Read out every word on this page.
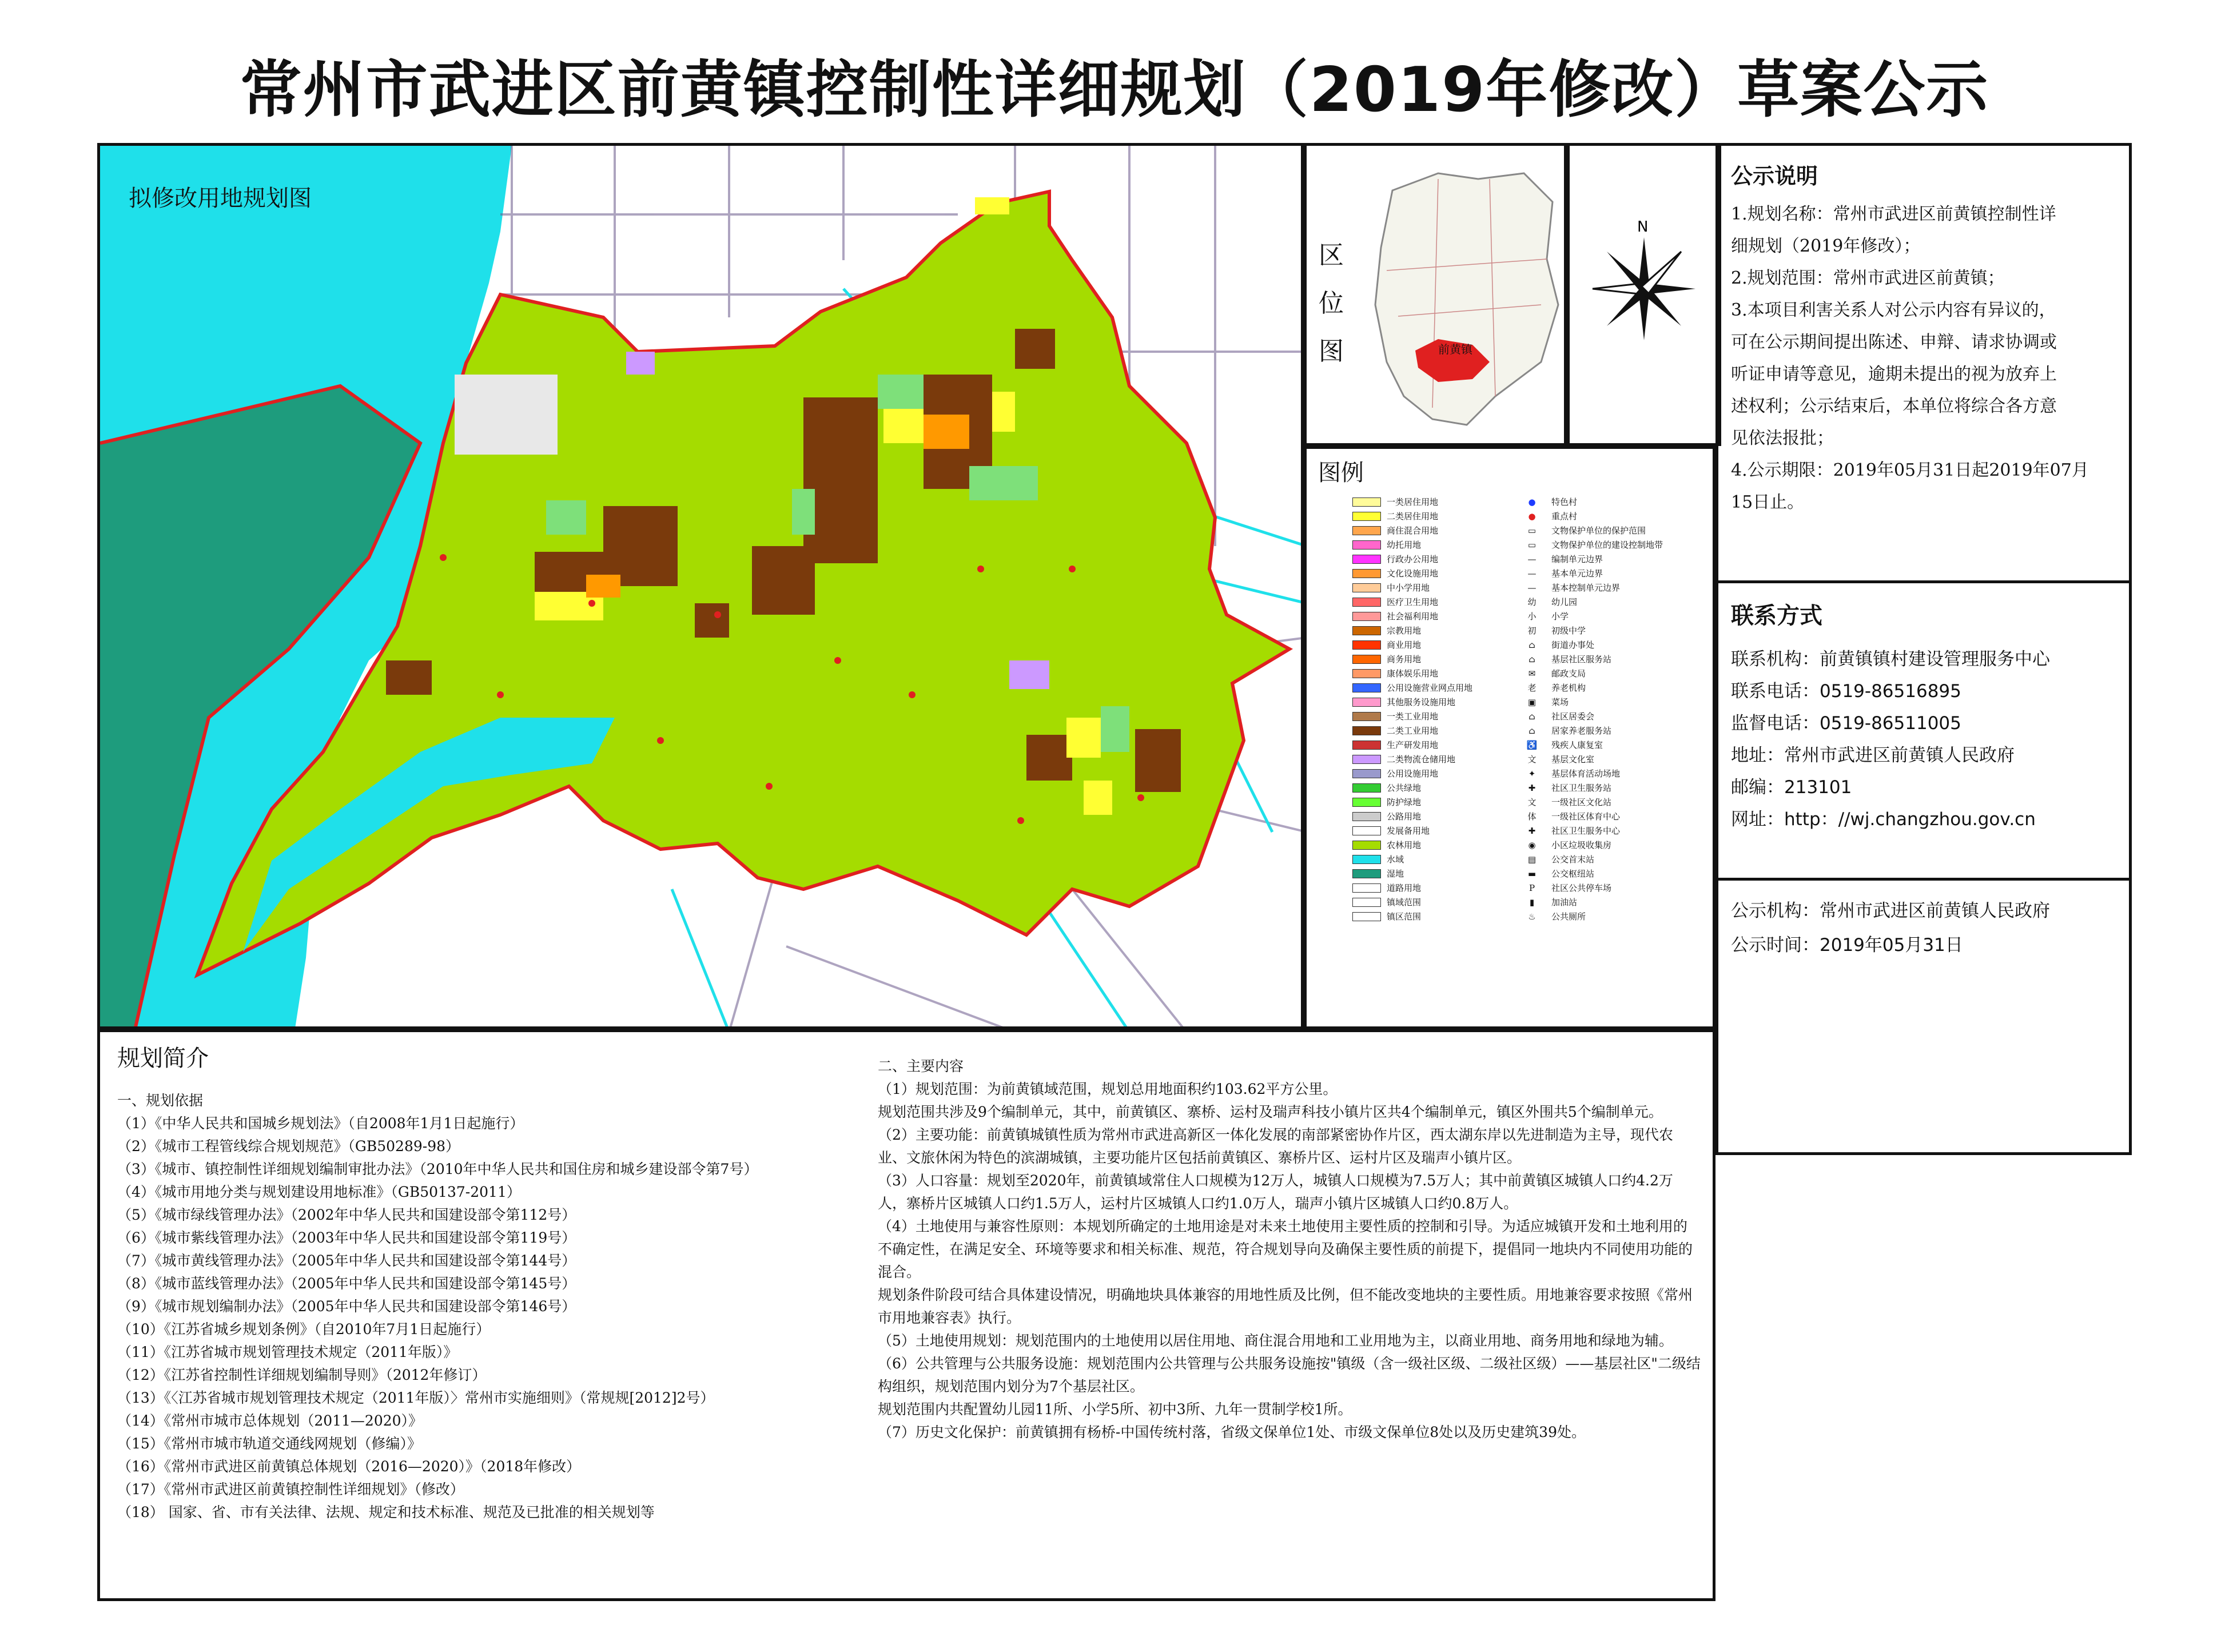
常州市武进区前黄镇控制性详细规划（2019年修改）草案公示
拟修改用地规划图
区位图	前黄镇
N
公示说明
1.规划名称：常州市武进区前黄镇控制性详
细规划（2019年修改）；
2.规划范围：常州市武进区前黄镇；
3.本项目利害关系人对公示内容有异议的，
可在公示期间提出陈述、申辩、请求协调或
听证申请等意见，逾期未提出的视为放弃上
述权利；公示结束后，本单位将综合各方意
见依法报批；
4.公示期限：2019年05月31日起2019年07月
15日止。
联系方式
联系机构：前黄镇镇村建设管理服务中心
联系电话：0519-86516895
监督电话：0519-86511005
地址：常州市武进区前黄镇人民政府
邮编：213101
网址：http：//wj.changzhou.gov.cn
公示机构：常州市武进区前黄镇人民政府
公示时间：2019年05月31日
图例
一类居住用地
二类居住用地
商住混合用地
幼托用地
行政办公用地
文化设施用地
中小学用地
医疗卫生用地
社会福利用地
宗教用地
商业用地
商务用地
康体娱乐用地
公用设施营业网点用地
其他服务设施用地
一类工业用地
二类工业用地
生产研发用地
二类物流仓储用地
公用设施用地
公共绿地
防护绿地
公路用地
发展备用地
农林用地
水域
湿地
道路用地
镇域范围
镇区范围
●	特色村
●	重点村
▭	文物保护单位的保护范围
▭	文物保护单位的建设控制地带
—	编制单元边界
—	基本单元边界
—	基本控制单元边界
幼	幼儿园
小	小学
初	初级中学
⌂	街道办事处
⌂	基层社区服务站
✉	邮政支局
老	养老机构
▣	菜场
⌂	社区居委会
⌂	居家养老服务站
♿	残疾人康复室
文	基层文化室
✦	基层体育活动场地
✚	社区卫生服务站
文	一级社区文化站
体	一级社区体育中心
✚	社区卫生服务中心
◉	小区垃圾收集房
▤	公交首末站
▬	公交枢纽站
P	社区公共停车场
▮	加油站
♨	公共厕所
规划简介
一、规划依据
（1）《中华人民共和国城乡规划法》（自2008年1月1日起施行）
（2）《城市工程管线综合规划规范》（GB50289-98）
（3）《城市、镇控制性详细规划编制审批办法》（2010年中华人民共和国住房和城乡建设部令第7号）
（4）《城市用地分类与规划建设用地标准》（GB50137-2011）
（5）《城市绿线管理办法》（2002年中华人民共和国建设部令第112号）
（6）《城市紫线管理办法》（2003年中华人民共和国建设部令第119号）
（7）《城市黄线管理办法》（2005年中华人民共和国建设部令第144号）
（8）《城市蓝线管理办法》（2005年中华人民共和国建设部令第145号）
（9）《城市规划编制办法》（2005年中华人民共和国建设部令第146号）
（10）《江苏省城乡规划条例》（自2010年7月1日起施行）
（11）《江苏省城市规划管理技术规定（2011年版）》
（12）《江苏省控制性详细规划编制导则》（2012年修订）
（13）《〈江苏省城市规划管理技术规定（2011年版）〉常州市实施细则》（常规规[2012]2号）
（14）《常州市城市总体规划（2011—2020）》
（15）《常州市城市轨道交通线网规划（修编）》
（16）《常州市武进区前黄镇总体规划（2016—2020）》（2018年修改）
（17）《常州市武进区前黄镇控制性详细规划》（修改）
（18） 国家、省、市有关法律、法规、规定和技术标准、规范及已批准的相关规划等
二、主要内容
（1）规划范围：为前黄镇域范围，规划总用地面积约103.62平方公里。
规划范围共涉及9个编制单元，其中，前黄镇区、寨桥、运村及瑞声科技小镇片区共4个编制单元，镇区外围共5个编制单元。
（2）主要功能：前黄镇城镇性质为常州市武进高新区一体化发展的南部紧密协作片区，西太湖东岸以先进制造为主导，现代农业、文旅休闲为特色的滨湖城镇，主要功能片区包括前黄镇区、寨桥片区、运村片区及瑞声小镇片区。
（3）人口容量：规划至2020年，前黄镇域常住人口规模为12万人，城镇人口规模为7.5万人；其中前黄镇区城镇人口约4.2万人，寨桥片区城镇人口约1.5万人，运村片区城镇人口约1.0万人，瑞声小镇片区城镇人口约0.8万人。
（4）土地使用与兼容性原则：本规划所确定的土地用途是对未来土地使用主要性质的控制和引导。为适应城镇开发和土地利用的不确定性，在满足安全、环境等要求和相关标准、规范，符合规划导向及确保主要性质的前提下，提倡同一地块内不同使用功能的混合。
规划条件阶段可结合具体建设情况，明确地块具体兼容的用地性质及比例，但不能改变地块的主要性质。用地兼容要求按照《常州市用地兼容表》执行。
（5）土地使用规划：规划范围内的土地使用以居住用地、商住混合用地和工业用地为主，以商业用地、商务用地和绿地为辅。
（6）公共管理与公共服务设施：规划范围内公共管理与公共服务设施按"镇级（含一级社区级、二级社区级）——基层社区"二级结构组织，规划范围内划分为7个基层社区。
规划范围内共配置幼儿园11所、小学5所、初中3所、九年一贯制学校1所。
（7）历史文化保护：前黄镇拥有杨桥-中国传统村落，省级文保单位1处、市级文保单位8处以及历史建筑39处。
